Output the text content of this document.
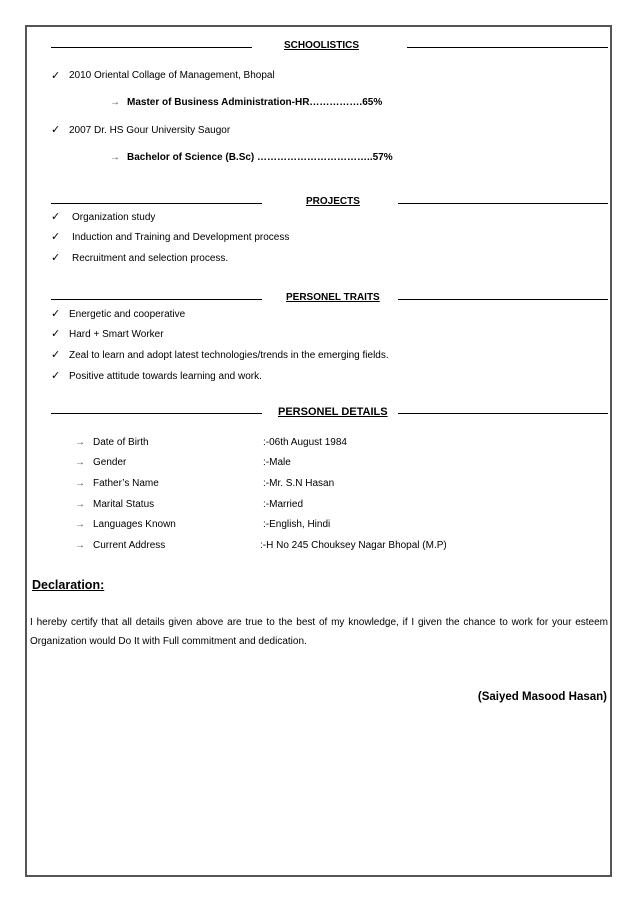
SCHOOLISTICS
✓ 2010 Oriental Collage of Management, Bhopal
→ Master of Business Administration-HR…………….65%
✓ 2007 Dr. HS Gour University Saugor
→ Bachelor of Science (B.Sc) ……………………………..57%
PROJECTS
✓ Organization study
✓ Induction and Training and Development process
✓ Recruitment and selection process.
PERSONEL TRAITS
✓ Energetic and cooperative
✓ Hard + Smart Worker
✓ Zeal to learn and adopt latest technologies/trends in the emerging fields.
✓ Positive attitude towards learning and work.
PERSONEL DETAILS
→ Date of Birth	:-06th August 1984
→ Gender	:-Male
→ Father’s Name	:-Mr. S.N Hasan
→ Marital Status	:-Married
→ Languages Known	:-English, Hindi
→ Current Address	:-H No 245 Chouksey Nagar Bhopal (M.P)
Declaration:
I hereby certify that all details given above are true to the best of my knowledge, if I given the chance to work for your esteem Organization would Do It with Full commitment and dedication.
(Saiyed Masood Hasan)
